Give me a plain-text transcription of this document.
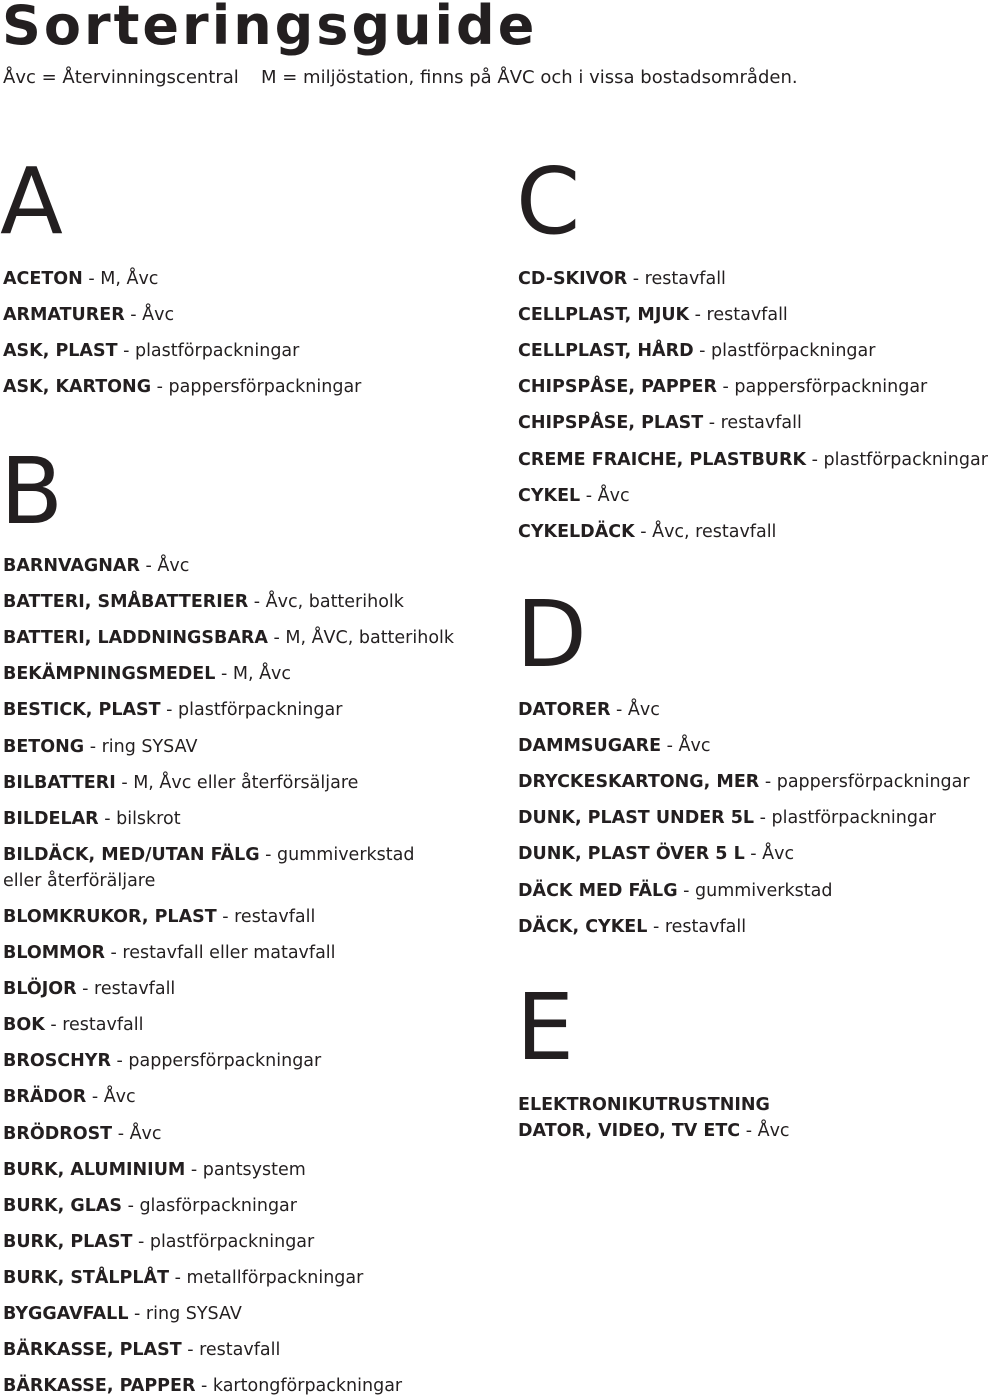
Sorteringsguide
Åvc = Återvinningscentral M = miljöstation, finns på ÅVC och i vissa bostadsområden.
A
ACETON - M, Åvc
ARMATURER - Åvc
ASK, PLAST - plastförpackningar
ASK, KARTONG - pappersförpackningar
B
BARNVAGNAR - Åvc
BATTERI, SMÅBATTERIER - Åvc, batteriholk
BATTERI, LADDNINGSBARA - M, ÅVC, batteriholk
BEKÄMPNINGSMEDEL - M, Åvc
BESTICK, PLAST - plastförpackningar
BETONG - ring SYSAV
BILBATTERI - M, Åvc eller återförsäljare
BILDELAR - bilskrot
BILDÄCK, MED/UTAN FÄLG - gummiverkstad eller återföräljare
BLOMKRUKOR, PLAST - restavfall
BLOMMOR - restavfall eller matavfall
BLÖJOR - restavfall
BOK - restavfall
BROSCHYR - pappersförpackningar
BRÄDOR - Åvc
BRÖDROST - Åvc
BURK, ALUMINIUM - pantsystem
BURK, GLAS - glasförpackningar
BURK, PLAST - plastförpackningar
BURK, STÅLPLÅT - metallförpackningar
BYGGAVFALL - ring SYSAV
BÄRKASSE, PLAST - restavfall
BÄRKASSE, PAPPER - kartongförpackningar
C
CD-SKIVOR - restavfall
CELLPLAST, MJUK - restavfall
CELLPLAST, HÅRD - plastförpackningar
CHIPSPÅSE, PAPPER - pappersförpackningar
CHIPSPÅSE, PLAST - restavfall
CREME FRAICHE, PLASTBURK - plastförpackningar
CYKEL - Åvc
CYKELDÄCK - Åvc, restavfall
D
DATORER - Åvc
DAMMSUGARE - Åvc
DRYCKESKARTONG, MER - pappersförpackningar
DUNK, PLAST UNDER 5L - plastförpackningar
DUNK, PLAST ÖVER 5 L - Åvc
DÄCK MED FÄLG - gummiverkstad
DÄCK, CYKEL - restavfall
E
ELEKTRONIKUTRUSTNING DATOR, VIDEO, TV ETC - Åvc
